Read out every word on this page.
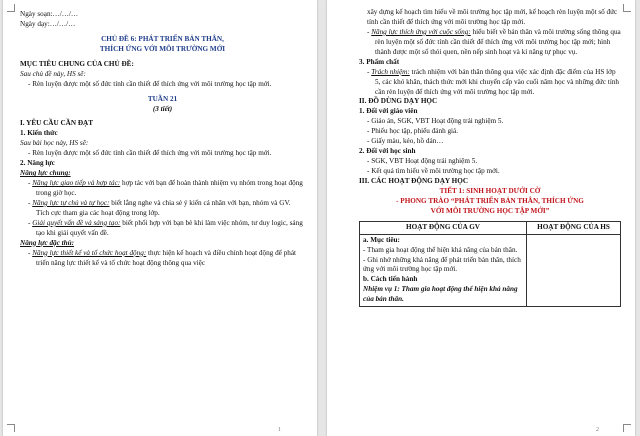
Ngày soạn:…/…/…

Ngày dạy:…/…/…

CHỦ ĐỀ 6: PHÁT TRIỂN BẢN THÂN,

THÍCH ỨNG VỚI MÔI TRƯỜNG MỚI

MỤC TIÊU CHUNG CỦA CHỦ ĐỀ:

Sau chủ đề này, HS sẽ:

- Rèn luyện được một số đức tính cần thiết để thích ứng với môi trường học tập mới.

TUẦN 21

(3 tiết)

I. YÊU CẦU CẦN ĐẠT

1. Kiến thức

Sau bài học này, HS sẽ:

- Rèn luyện được một số đức tính cần thiết để thích ứng với môi trường học tập mới.

2. Năng lực

Năng lực chung:

- Năng lực giao tiếp và hợp tác: hợp tác với bạn để hoàn thành nhiệm vụ nhóm trong hoạt động trong giờ học.

- Năng lực tự chủ và tự học: biết lắng nghe và chia sẻ ý kiến cá nhân với bạn, nhóm và GV. Tích cực tham gia các hoạt động trong lớp.

- Giải quyết vấn đề và sáng tạo: biết phối hợp với bạn bè khi làm việc nhóm, tư duy logic, sáng tạo khi giải quyết vấn đề.

Năng lực đặc thù:

- Năng lực thiết kế và tổ chức hoạt động: thực hiện kế hoạch và điều chỉnh hoạt động để phát triển năng lực thiết kế và tổ chức hoạt động thông qua việc

1

xây dựng kế hoạch tìm hiểu về môi trường học tập mới, kế hoạch rèn luyện một số đức tính cần thiết để thích ứng với môi trường học tập mới.

- Năng lực thích ứng với cuộc sống: hiểu biết về bản thân và môi trường sống thông qua rèn luyện một số đức tính cần thiết để thích ứng với môi trường học tập mới; hình thành được một số thói quen, nền nếp sinh hoạt và kỉ năng tự phục vụ.

3. Phẩm chất

- Trách nhiệm: trách nhiệm với bản thân thông qua việc xác định đặc điểm của HS lớp 5, các khó khăn, thách thức mới khi chuyển cấp vào cuối năm học và những đức tính cần rèn luyện để thích ứng với môi trường học tập mới.

II. ĐỒ DÙNG DẠY HỌC

1. Đối với giáo viên

- Giáo án, SGK, VBT Hoạt động trải nghiệm 5.

- Phiếu học tập, phiếu đánh giá.

- Giấy màu, kéo, hồ dán…

2. Đối với học sinh

- SGK, VBT Hoạt động trải nghiệm 5.

- Kết quả tìm hiểu về môi trường học tập mới.

III. CÁC HOẠT ĐỘNG DẠY HỌC

TIẾT 1: SINH HOẠT DƯỚI CỜ

- PHONG TRÀO “PHÁT TRIỂN BẢN THÂN, THÍCH ỨNG

VỚI MÔI TRƯỜNG HỌC TẬP MỚI”

HOẠT ĐỘNG CỦA GV	HOẠT ĐỘNG CỦA HS

a. Mục tiêu:

- Tham gia hoạt động thể hiện khả năng của bản thân.

- Ghi nhớ những khả năng để phát triển bản thân, thích ứng với môi trường học tập mới.

b. Cách tiến hành

Nhiệm vụ 1: Tham gia hoạt động thể hiện khả năng của bản thân.	

2
